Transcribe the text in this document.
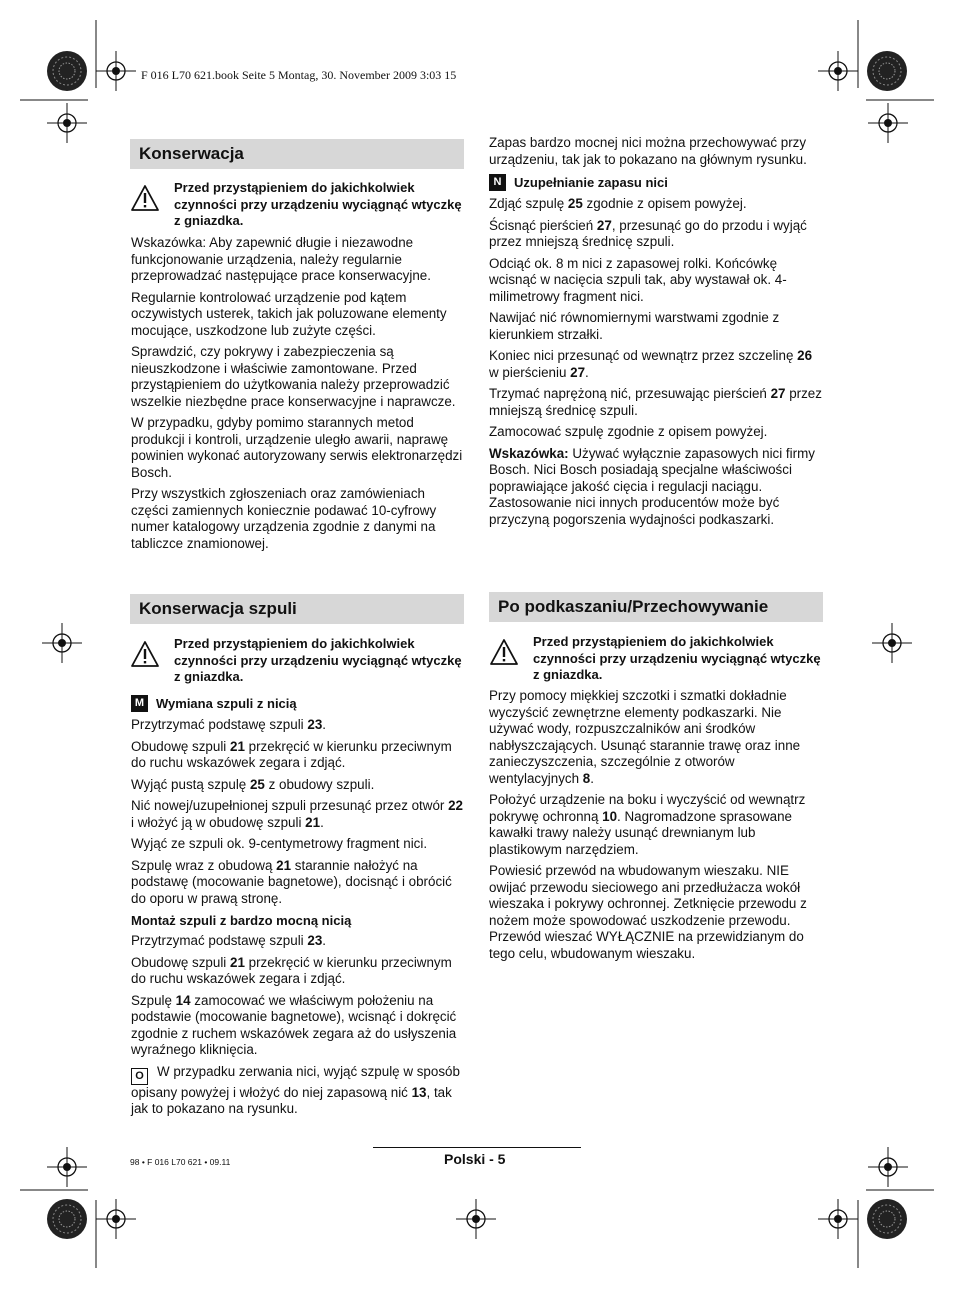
F 016 L70 621.book Seite 5 Montag, 30. November 2009 3:03 15
Konserwacja
Przed przystąpieniem do jakichkolwiek czynności przy urządzeniu wyciągnąć wtyczkę z gniazdka.

Wskazówka: Aby zapewnić długie i niezawodne funkcjonowanie urządzenia, należy regularnie przeprowadzać następujące prace konserwacyjne.

Regularnie kontrolować urządzenie pod kątem oczywistych usterek, takich jak poluzowane elementy mocujące, uszkodzone lub zużyte części.

Sprawdzić, czy pokrywy i zabezpieczenia są nieuszkodzone i właściwie zamontowane. Przed przystąpieniem do użytkowania należy przeprowadzić wszelkie niezbędne prace konserwacyjne i naprawcze.

W przypadku, gdyby pomimo starannych metod produkcji i kontroli, urządzenie uległo awarii, naprawę powinien wykonać autoryzowany serwis elektronarzędzi Bosch.

Przy wszystkich zgłoszeniach oraz zamówieniach części zamiennych koniecznie podawać 10-cyfrowy numer katalogowy urządzenia zgodnie z danymi na tabliczce znamionowej.

Konserwacja szpuli
Przed przystąpieniem do jakichkolwiek czynności przy urządzeniu wyciągnąć wtyczkę z gniazdka.
M Wymiana szpuli z nicią

Przytrzymać podstawę szpuli 23.

Obudowę szpuli 21 przekręcić w kierunku przeciwnym do ruchu wskazówek zegara i zdjąć.

Wyjąć pustą szpulę 25 z obudowy szpuli.

Nić nowej/uzupełnionej szpuli przesunąć przez otwór 22 i włożyć ją w obudowę szpuli 21.

Wyjąć ze szpuli ok. 9-centymetrowy fragment nici.

Szpulę wraz z obudową 21 starannie nałożyć na podstawę (mocowanie bagnetowe), docisnąć i obrócić do oporu w prawą stronę.

Montaż szpuli z bardzo mocną nicią

Przytrzymać podstawę szpuli 23.

Obudowę szpuli 21 przekręcić w kierunku przeciwnym do ruchu wskazówek zegara i zdjąć.

Szpulę 14 zamocować we właściwym położeniu na podstawie (mocowanie bagnetowe), wcisnąć i dokręcić zgodnie z ruchem wskazówek zegara aż do usłyszenia wyraźnego kliknięcia.

O W przypadku zerwania nici, wyjąć szpulę w sposób opisany powyżej i włożyć do niej zapasową nić 13, tak jak to pokazano na rysunku.

Zapas bardzo mocnej nici można przechowywać przy urządzeniu, tak jak to pokazano na głównym rysunku.

N Uzupełnianie zapasu nici

Zdjąć szpulę 25 zgodnie z opisem powyżej.

Ścisnąć pierścień 27, przesunąć go do przodu i wyjąć przez mniejszą średnicę szpuli.

Odciąć ok. 8 m nici z zapasowej rolki. Końcówkę wcisnąć w nacięcia szpuli tak, aby wystawał ok. 4-milimetrowy fragment nici.

Nawijać nić równomiernymi warstwami zgodnie z kierunkiem strzałki.

Koniec nici przesunąć od wewnątrz przez szczelinę 26 w pierścieniu 27.

Trzymać naprężoną nić, przesuwając pierścień 27 przez mniejszą średnicę szpuli.

Zamocować szpulę zgodnie z opisem powyżej.

Wskazówka: Używać wyłącznie zapasowych nici firmy Bosch. Nici Bosch posiadają specjalne właściwości poprawiające jakość cięcia i regulacji naciągu. Zastosowanie nici innych producentów może być przyczyną pogorszenia wydajności podkaszarki.

Po podkaszaniu/Przechowywanie
Przed przystąpieniem do jakichkolwiek czynności przy urządzeniu wyciągnąć wtyczkę z gniazdka.

Przy pomocy miękkiej szczotki i szmatki dokładnie wyczyścić zewnętrzne elementy podkaszarki. Nie używać wody, rozpuszczalników ani środków nabłyszczających. Usunąć starannie trawę oraz inne zanieczyszczenia, szczególnie z otworów wentylacyjnych 8.

Położyć urządzenie na boku i wyczyścić od wewnątrz pokrywę ochronną 10. Nagromadzone sprasowane kawałki trawy należy usunąć drewnianym lub plastikowym narzędziem.

Powiesić przewód na wbudowanym wieszaku. NIE owijać przewodu sieciowego ani przedłużacza wokół wieszaka i pokrywy ochronnej. Zetknięcie przewodu z nożem może spowodować uszkodzenie przewodu. Przewód wieszać WYŁĄCZNIE na przewidzianym do tego celu, wbudowanym wieszaku.

98 • F 016 L70 621 • 09.11	Polski - 5
